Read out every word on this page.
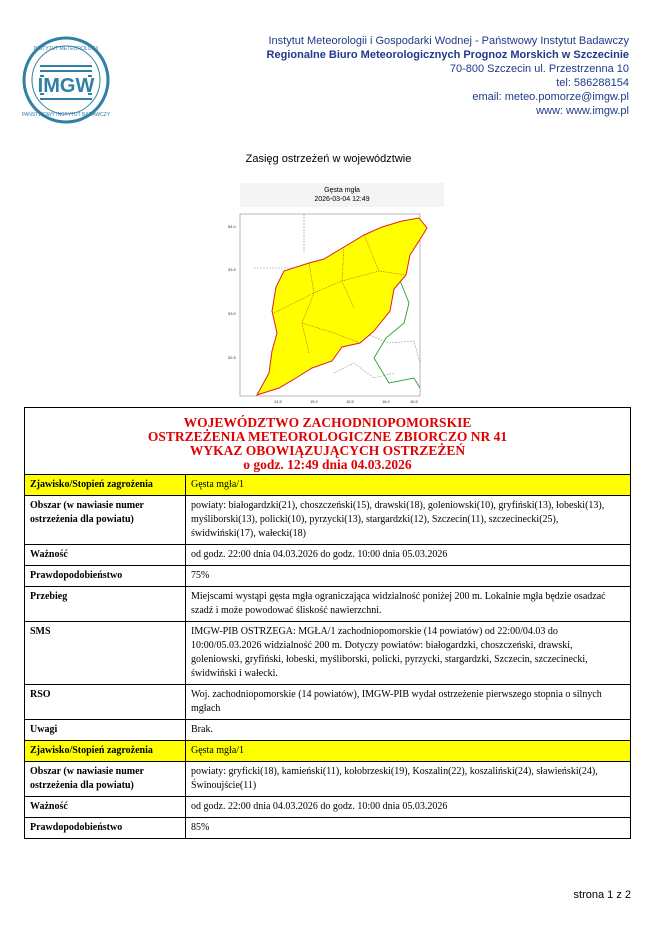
INSTYTUT METEOROLOGII
IMGW
PAŃSTWOWY INSTYTUT BADAWCZY
Instytut Meteorologii i Gospodarki Wodnej - Państwowy Instytut Badawczy
Regionalne Biuro Meteorologicznych Prognoz Morskich w Szczecinie
70-800 Szczecin ul. Przestrzenna 10
tel: 586288154
email: meteo.pomorze@imgw.pl
www: www.imgw.pl
Zasięg ostrzeżeń w województwie
Gęsta mgła
2026-03-04 12:49
54.0
53.5
53.0
52.5
14.5	15.0	15.5	16.0	16.5
WOJEWÓDZTWO ZACHODNIOPOMORSKIE
OSTRZEŻENIA METEOROLOGICZNE ZBIORCZO NR 41
WYKAZ OBOWIĄZUJĄCYCH OSTRZEŻEŃ
o godz. 12:49 dnia 04.03.2026	

Zjawisko/Stopień zagrożenia	Gęsta mgła/1
Obszar (w nawiasie numer ostrzeżenia dla powiatu)	powiaty: białogardzki(21), choszczeński(15), drawski(18), goleniowski(10), gryfiński(13), łobeski(13), myśliborski(13), policki(10), pyrzycki(13), stargardzki(12), Szczecin(11), szczecinecki(25), świdwiński(17), wałecki(18)
Ważność	od godz. 22:00 dnia 04.03.2026 do godz. 10:00 dnia 05.03.2026
Prawdopodobieństwo	75%
Przebieg	Miejscami wystąpi gęsta mgła ograniczająca widzialność poniżej 200 m. Lokalnie mgła będzie osadzać szadź i może powodować śliskość nawierzchni.
SMS	IMGW-PIB OSTRZEGA: MGŁA/1 zachodniopomorskie (14 powiatów) od 22:00/04.03 do 10:00/05.03.2026 widzialność 200 m. Dotyczy powiatów: białogardzki, choszczeński, drawski, goleniowski, gryfiński, łobeski, myśliborski, policki, pyrzycki, stargardzki, Szczecin, szczecinecki, świdwiński i wałecki.
RSO	Woj. zachodniopomorskie (14 powiatów), IMGW-PIB wydał ostrzeżenie pierwszego stopnia o silnych mgłach
Uwagi	Brak.
Zjawisko/Stopień zagrożenia	Gęsta mgła/1
Obszar (w nawiasie numer ostrzeżenia dla powiatu)	powiaty: gryficki(18), kamieński(11), kołobrzeski(19), Koszalin(22), koszaliński(24), sławieński(24), Świnoujście(11)
Ważność	od godz. 22:00 dnia 04.03.2026 do godz. 10:00 dnia 05.03.2026
Prawdopodobieństwo	85%
strona 1 z 2
